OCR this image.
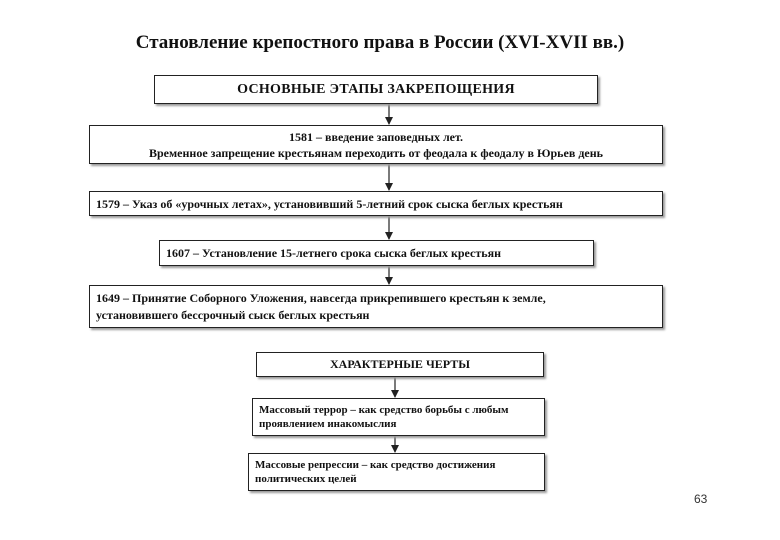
Становление крепостного права в России (XVI-XVII вв.)
ОСНОВНЫЕ ЭТАПЫ ЗАКРЕПОЩЕНИЯ
1581 – введение заповедных лет.
Временное запрещение крестьянам переходить от феодала к феодалу в Юрьев день
1579 – Указ об «урочных летах», установивший 5-летний срок сыска беглых крестьян
1607 – Установление 15-летнего срока сыска беглых крестьян
1649 – Принятие Соборного Уложения, навсегда прикрепившего крестьян к земле,
установившего бессрочный сыск беглых крестьян
ХАРАКТЕРНЫЕ ЧЕРТЫ
Массовый террор – как средство борьбы с любым
проявлением инакомыслия
Массовые репрессии – как средство достижения
политических целей
63
